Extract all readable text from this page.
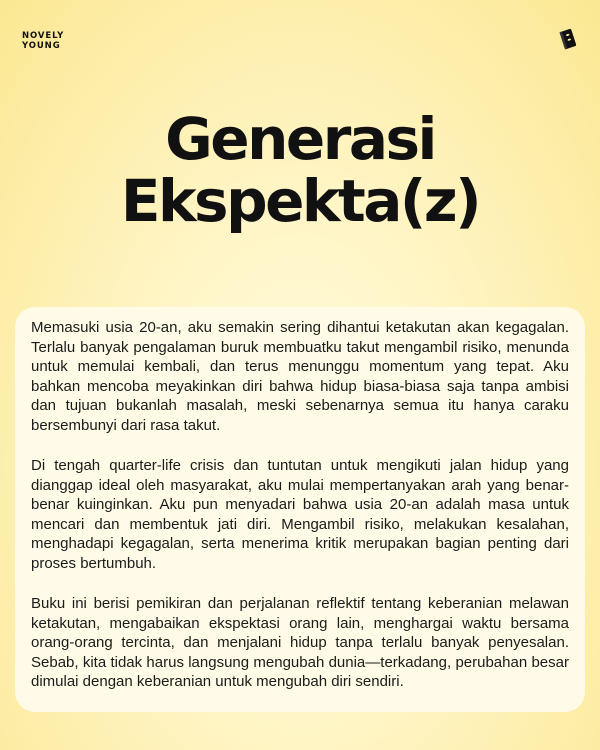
NOVELY
YOUNG
Generasi
Ekspekta(z)

Memasuki usia 20-an, aku semakin sering dihantui ketakutan akan kegagalan. Terlalu banyak pengalaman buruk membuatku takut mengambil risiko, menunda untuk memulai kembali, dan terus menunggu momentum yang tepat. Aku bahkan mencoba meyakinkan diri bahwa hidup biasa-biasa saja tanpa ambisi dan tujuan bukanlah masalah, meski sebenarnya semua itu hanya caraku bersembunyi dari rasa takut.

Di tengah quarter-life crisis dan tuntutan untuk mengikuti jalan hidup yang dianggap ideal oleh masyarakat, aku mulai mempertanyakan arah yang benar-benar kuinginkan. Aku pun menyadari bahwa usia 20-an adalah masa untuk mencari dan membentuk jati diri. Mengambil risiko, melakukan kesalahan, menghadapi kegagalan, serta menerima kritik merupakan bagian penting dari proses bertumbuh.

Buku ini berisi pemikiran dan perjalanan reflektif tentang keberanian melawan ketakutan, mengabaikan ekspektasi orang lain, menghargai waktu bersama orang-orang tercinta, dan menjalani hidup tanpa terlalu banyak penyesalan. Sebab, kita tidak harus langsung mengubah dunia—terkadang, perubahan besar dimulai dengan keberanian untuk mengubah diri sendiri.
